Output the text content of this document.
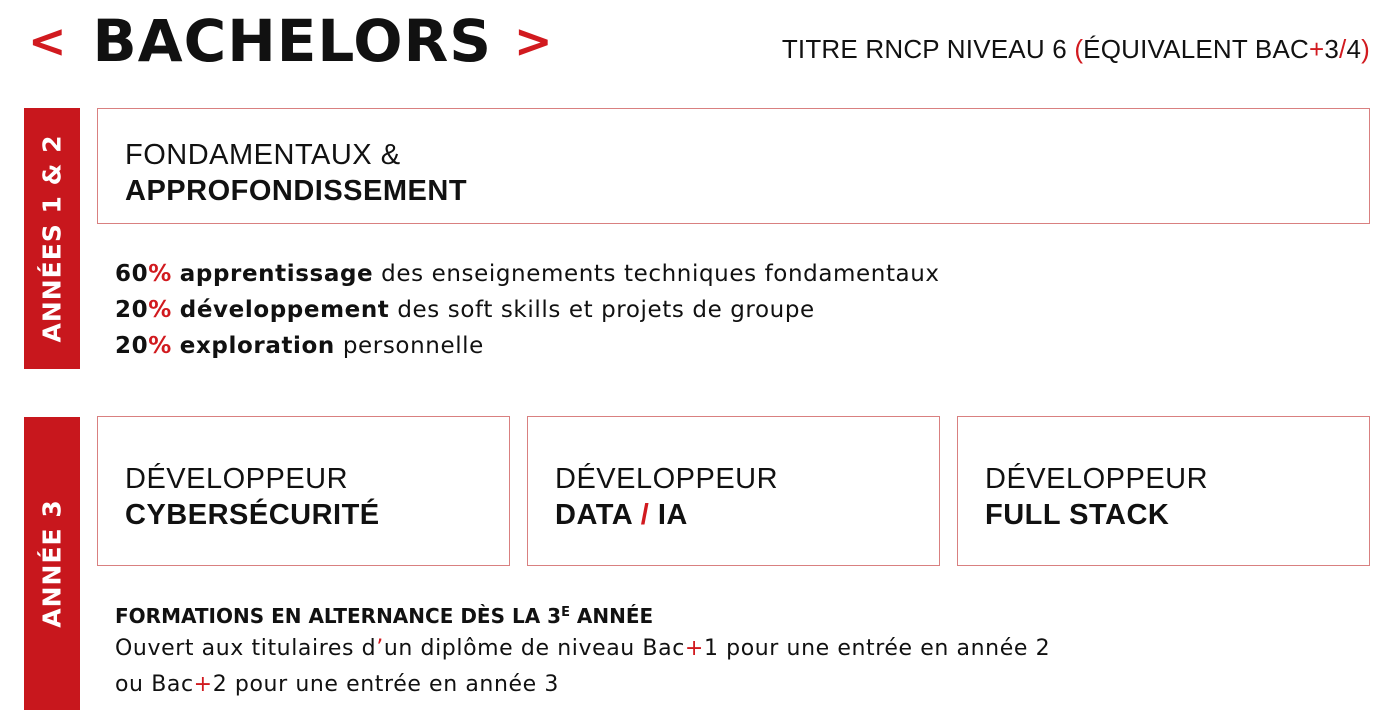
< BACHELORS >	TITRE RNCP NIVEAU 6 (ÉQUIVALENT BAC+3/4)
ANNÉES 1 & 2 FONDAMENTAUX &
APPROFONDISSEMENT
60% apprentissage des enseignements techniques fondamentaux
20% développement des soft skills et projets de groupe
20% exploration personnelle
ANNÉE 3
DÉVELOPPEUR
CYBERSÉCURITÉ
DÉVELOPPEUR
DATA / IA
DÉVELOPPEUR
FULL STACK
FORMATIONS EN ALTERNANCE DÈS LA $3^E$ ANNÉE
Ouvert aux titulaires d’un diplôme de niveau Bac+1 pour une entrée en année 2
ou Bac+2 pour une entrée en année 3
